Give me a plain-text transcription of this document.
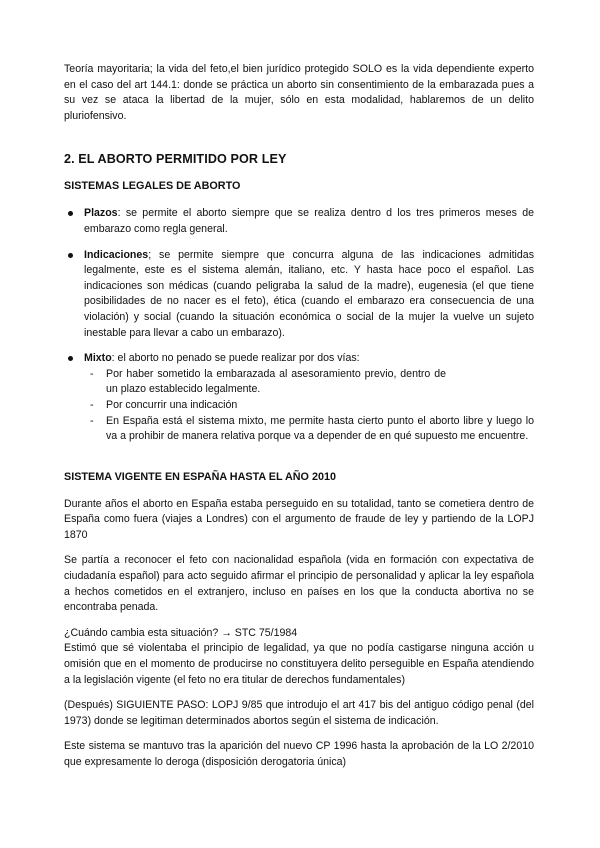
Teoría mayoritaria; la vida del feto,el bien jurídico protegido SOLO es la vida dependiente experto en el caso del art 144.1: donde se práctica un aborto sin consentimiento de la embarazada pues a su vez se ataca la libertad de la mujer, sólo en esta modalidad, hablaremos de un delito pluriofensivo.

2. EL ABORTO PERMITIDO POR LEY
SISTEMAS LEGALES DE ABORTO

Plazos: se permite el aborto siempre que se realiza dentro d los tres primeros meses de embarazo como regla general.

Indicaciones; se permite siempre que concurra alguna de las indicaciones admitidas legalmente, este es el sistema alemán, italiano, etc. Y hasta hace poco el español. Las indicaciones son médicas (cuando peligraba la salud de la madre), eugenesia (el que tiene posibilidades de no nacer es el feto), ética (cuando el embarazo era consecuencia de una violación) y social (cuando la situación económica o social de la mujer la vuelve un sujeto inestable para llevar a cabo un embarazo).

Mixto: el aborto no penado se puede realizar por dos vías:

- Por haber sometido la embarazada al asesoramiento previo, dentro de un plazo establecido legalmente.

- Por concurrir una indicación

- En España está el sistema mixto, me permite hasta cierto punto el aborto libre y luego lo va a prohibir de manera relativa porque va a depender de en qué supuesto me encuentre.

SISTEMA VIGENTE EN ESPAÑA HASTA EL AÑO 2010

Durante años el aborto en España estaba perseguido en su totalidad, tanto se cometiera dentro de España como fuera (viajes a Londres) con el argumento de fraude de ley y partiendo de la LOPJ 1870

Se partía a reconocer el feto con nacionalidad española (vida en formación con expectativa de ciudadanía español) para acto seguido afirmar el principio de personalidad y aplicar la ley española a hechos cometidos en el extranjero, incluso en países en los que la conducta abortiva no se encontraba penada.

¿Cuándo cambia esta situación? → STC 75/1984

Estimó que sé violentaba el principio de legalidad, ya que no podía castigarse ninguna acción u omisión que en el momento de producirse no constituyera delito perseguible en España atendiendo a la legislación vigente (el feto no era titular de derechos fundamentales)

(Después) SIGUIENTE PASO: LOPJ 9/85 que introdujo el art 417 bis del antiguo código penal (del 1973) donde se legitiman determinados abortos según el sistema de indicación.

Este sistema se mantuvo tras la aparición del nuevo CP 1996 hasta la aprobación de la LO 2/2010 que expresamente lo deroga (disposición derogatoria única)
